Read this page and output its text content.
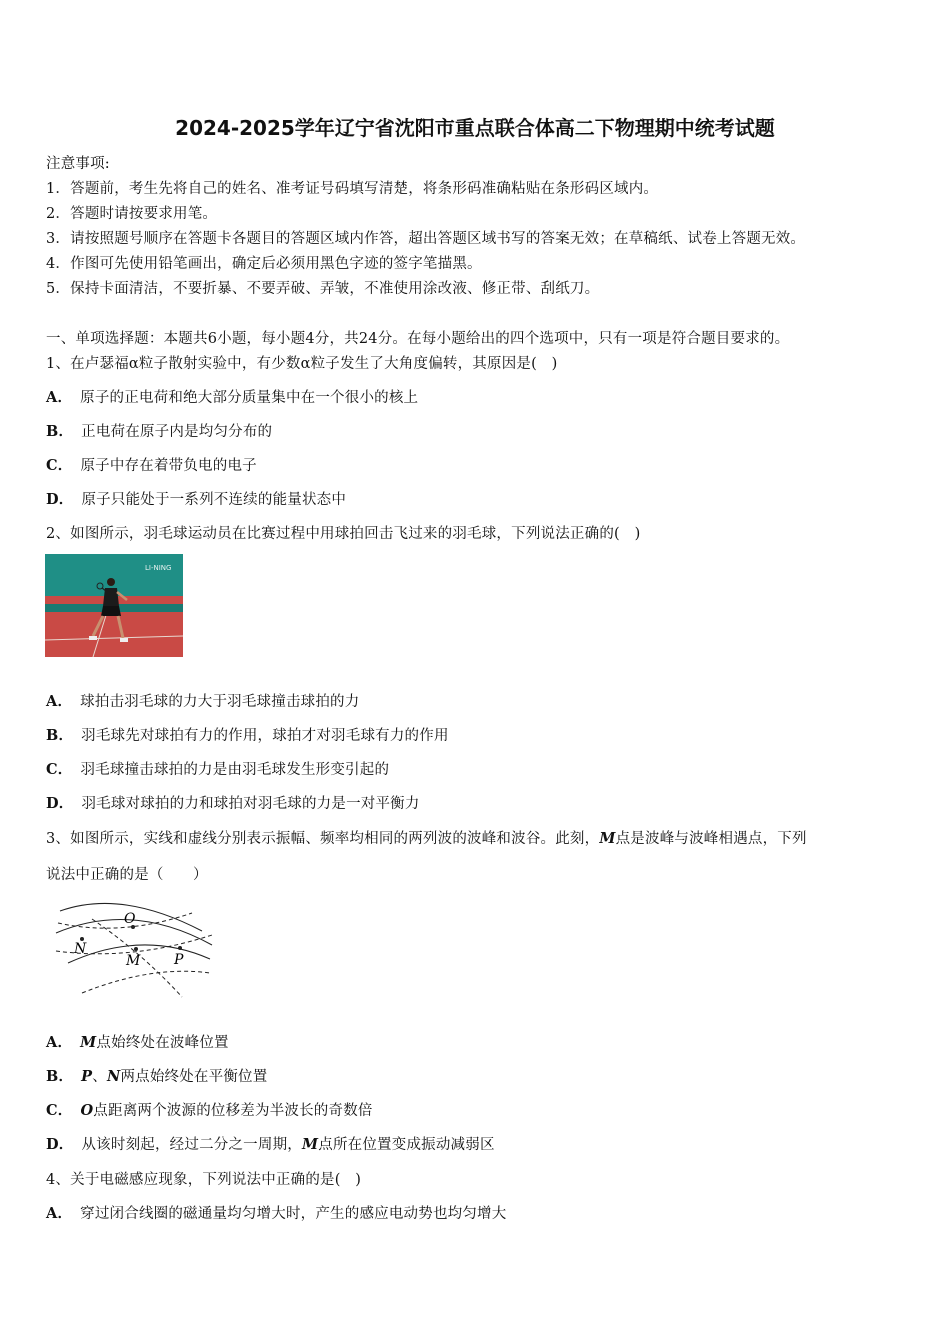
2024-2025学年辽宁省沈阳市重点联合体高二下物理期中统考试题
注意事项:
1．答题前，考生先将自己的姓名、准考证号码填写清楚，将条形码准确粘贴在条形码区域内。
2．答题时请按要求用笔。
3．请按照题号顺序在答题卡各题目的答题区域内作答，超出答题区域书写的答案无效；在草稿纸、试卷上答题无效。
4．作图可先使用铅笔画出，确定后必须用黑色字迹的签字笔描黑。
5．保持卡面清洁，不要折暴、不要弄破、弄皱，不准使用涂改液、修正带、刮纸刀。
一、单项选择题：本题共6小题，每小题4分，共24分。在每小题给出的四个选项中，只有一项是符合题目要求的。
1、在卢瑟福α粒子散射实验中，有少数α粒子发生了大角度偏转，其原因是(　)
A． 原子的正电荷和绝大部分质量集中在一个很小的核上
B． 正电荷在原子内是均匀分布的
C． 原子中存在着带负电的电子
D． 原子只能处于一系列不连续的能量状态中
2、如图所示，羽毛球运动员在比赛过程中用球拍回击飞过来的羽毛球，下列说法正确的(　)
LI-NING
A． 球拍击羽毛球的力大于羽毛球撞击球拍的力
B． 羽毛球先对球拍有力的作用，球拍才对羽毛球有力的作用
C． 羽毛球撞击球拍的力是由羽毛球发生形变引起的
D． 羽毛球对球拍的力和球拍对羽毛球的力是一对平衡力
3、如图所示，实线和虚线分别表示振幅、频率均相同的两列波的波峰和波谷。此刻，M点是波峰与波峰相遇点，下列
说法中正确的是（　　）
O
N
M P
A． M点始终处在波峰位置
B． P、N两点始终处在平衡位置
C． O点距离两个波源的位移差为半波长的奇数倍
D． 从该时刻起，经过二分之一周期，M点所在位置变成振动减弱区
4、关于电磁感应现象，下列说法中正确的是(　)
A． 穿过闭合线圈的磁通量均匀增大时，产生的感应电动势也均匀增大
